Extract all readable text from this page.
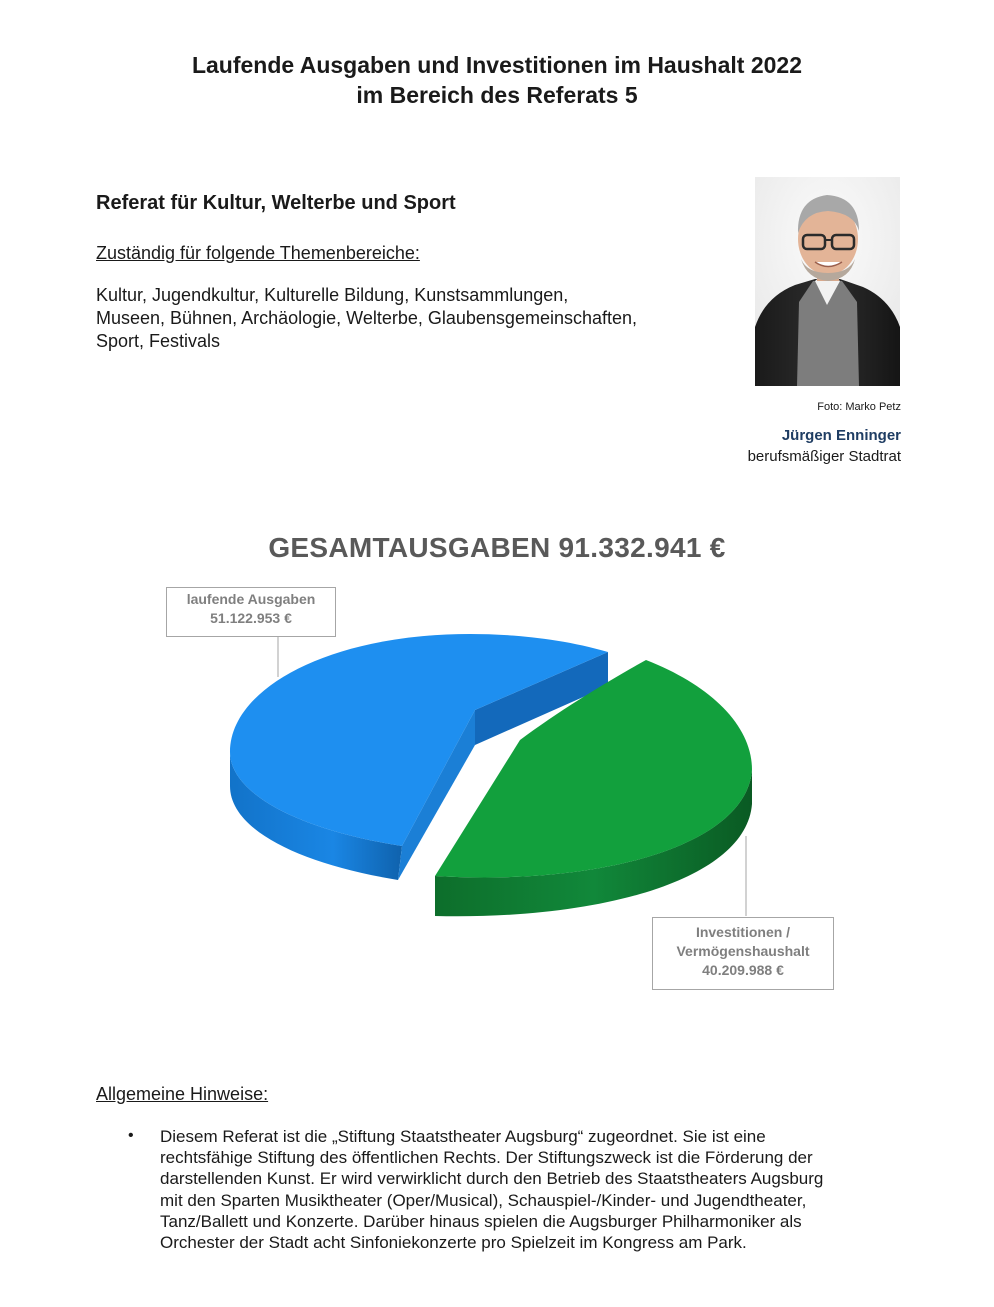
Laufende Ausgaben und Investitionen im Haushalt 2022
im Bereich des Referats 5
Referat für Kultur, Welterbe und Sport
Zuständig für folgende Themenbereiche:
Kultur, Jugendkultur, Kulturelle Bildung, Kunstsammlungen,
Museen, Bühnen, Archäologie, Welterbe, Glaubensgemeinschaften,
Sport, Festivals
Foto: Marko Petz
Jürgen Enninger
berufsmäßiger Stadtrat
GESAMTAUSGABEN 91.332.941 €
laufende Ausgaben
51.122.953 €
Investitionen /
Vermögenshaushalt
40.209.988 €
Allgemeine Hinweise:
• Diesem Referat ist die „Stiftung Staatstheater Augsburg“ zugeordnet. Sie ist eine
rechtsfähige Stiftung des öffentlichen Rechts. Der Stiftungszweck ist die Förderung der
darstellenden Kunst. Er wird verwirklicht durch den Betrieb des Staatstheaters Augsburg
mit den Sparten Musiktheater (Oper/Musical), Schauspiel-/Kinder- und Jugendtheater,
Tanz/Ballett und Konzerte. Darüber hinaus spielen die Augsburger Philharmoniker als
Orchester der Stadt acht Sinfoniekonzerte pro Spielzeit im Kongress am Park.
